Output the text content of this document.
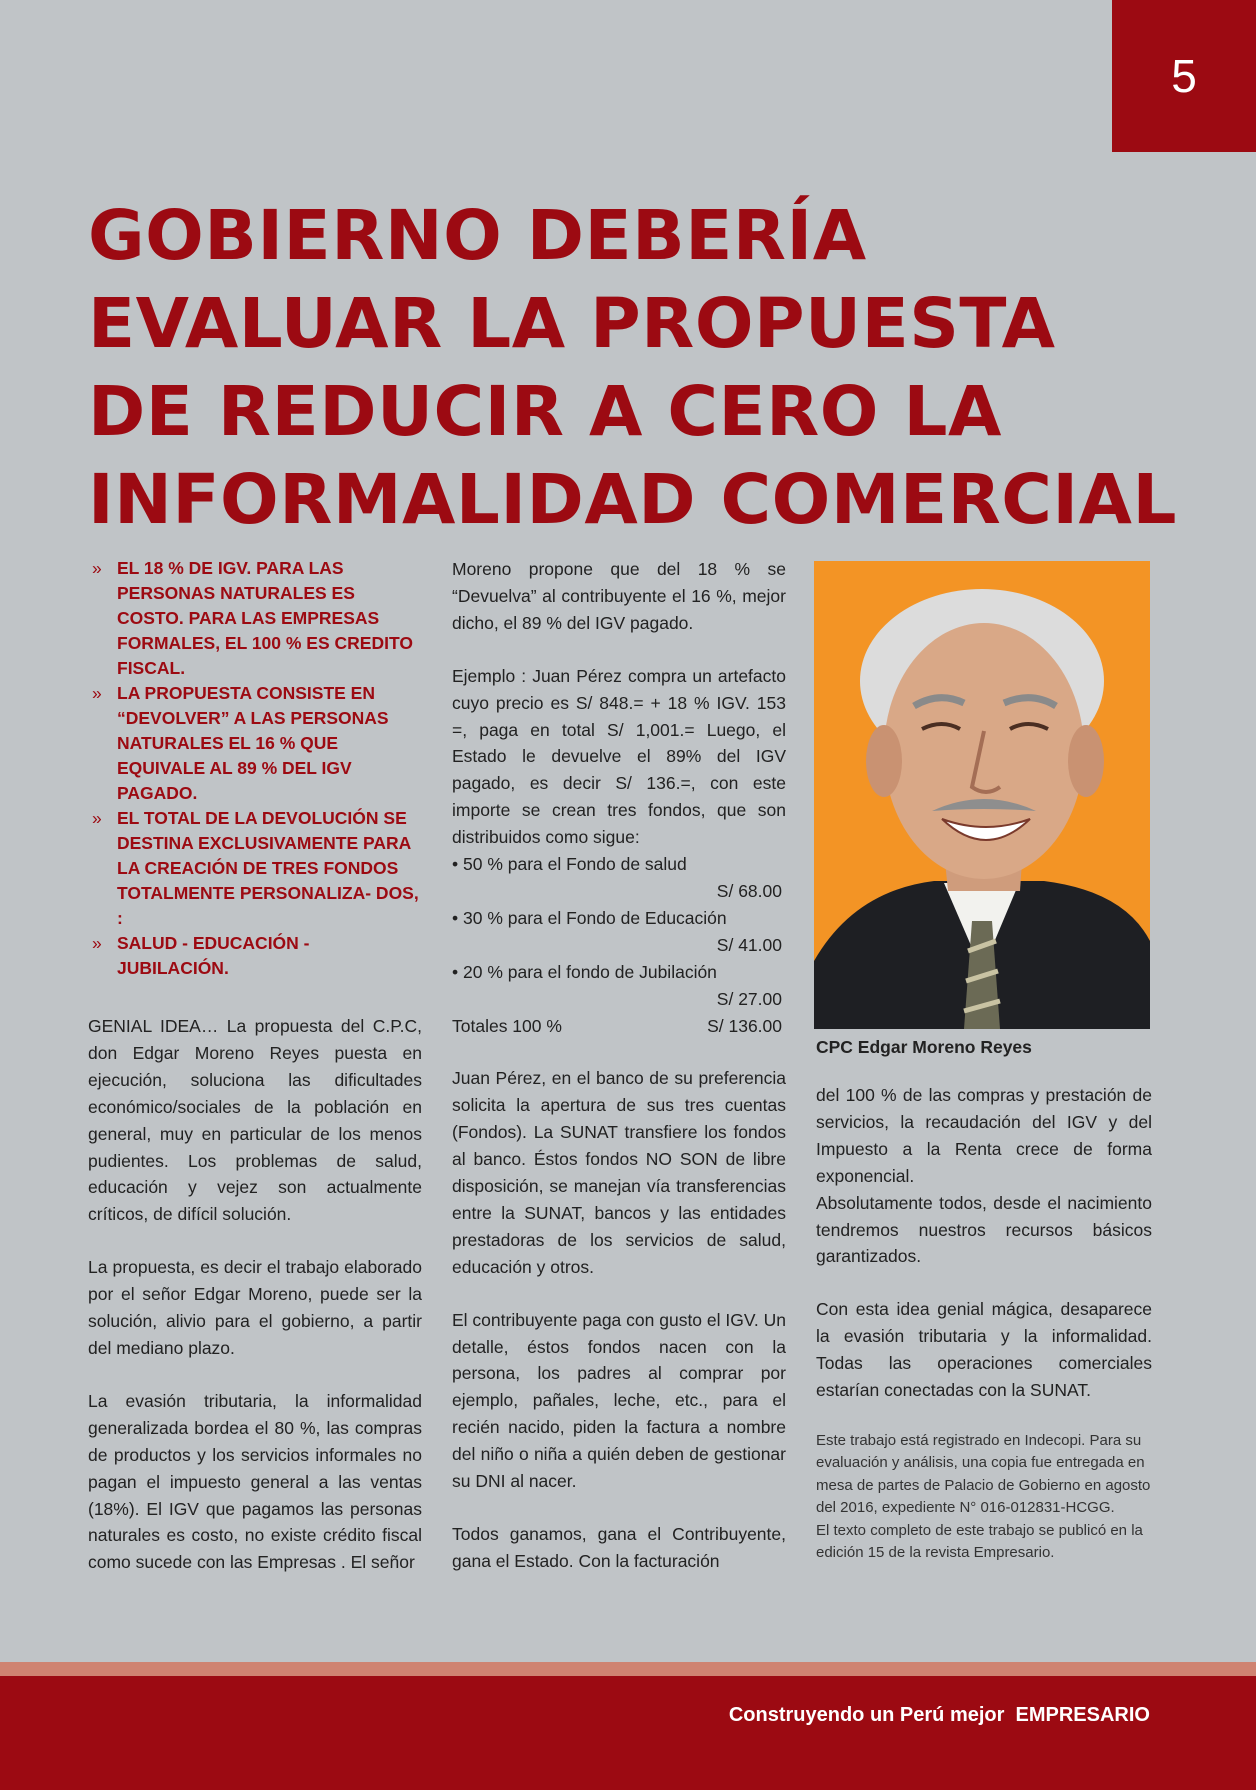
5
GOBIERNO DEBERÍA
EVALUAR LA PROPUESTA
DE REDUCIR A CERO LA
INFORMALIDAD COMERCIAL
» EL 18 % DE IGV. PARA LAS PERSONAS NATURALES ES COSTO. PARA LAS EMPRESAS FORMALES, EL 100 % ES CREDITO FISCAL.
» LA PROPUESTA CONSISTE EN “DEVOLVER” A LAS PERSONAS NATURALES EL 16 % QUE EQUIVALE AL 89 % DEL IGV PAGADO.
» EL TOTAL DE LA DEVOLUCIÓN SE DESTINA EXCLUSIVAMENTE PARA LA CREACIÓN DE TRES FONDOS TOTALMENTE PERSONALIZA- DOS, :
» SALUD - EDUCACIÓN - JUBILACIÓN.

GENIAL IDEA… La propuesta del C.P.C, don Edgar Moreno Reyes puesta en ejecución, soluciona las dificultades económico/sociales de la población en general, muy en particular de los menos pudientes. Los problemas de salud, educación y vejez son actualmente críticos, de difícil solución.

La propuesta, es decir el trabajo elaborado por el señor Edgar Moreno, puede ser la solución, alivio para el gobierno, a partir del mediano plazo.

La evasión tributaria, la informalidad generalizada bordea el 80 %, las compras de productos y los servicios informales no pagan el impuesto general a las ventas (18%). El IGV que pagamos las personas naturales es costo, no existe crédito fiscal como sucede con las Empresas . El señor

Moreno propone que del 18 % se “Devuelva” al contribuyente el 16 %, mejor dicho, el 89 % del IGV pagado.

Ejemplo : Juan Pérez compra un artefacto cuyo precio es S/ 848.= + 18 % IGV. 153 =, paga en total S/ 1,001.= Luego, el Estado le devuelve el 89% del IGV pagado, es decir S/ 136.=, con este importe se crean tres fondos, que son distribuidos como sigue:

• 50 % para el Fondo de salud
S/ 68.00
• 30 % para el Fondo de Educación
S/ 41.00
• 20 % para el fondo de Jubilación
S/ 27.00
Totales 100 %	S/ 136.00

Juan Pérez, en el banco de su preferencia solicita la apertura de sus tres cuentas (Fondos). La SUNAT transfiere los fondos al banco. Éstos fondos NO SON de libre disposición, se manejan vía transferencias entre la SUNAT, bancos y las entidades prestadoras de los servicios de salud, educación y otros.

El contribuyente paga con gusto el IGV. Un detalle, éstos fondos nacen con la persona, los padres al comprar por ejemplo, pañales, leche, etc., para el recién nacido, piden la factura a nombre del niño o niña a quién deben de gestionar su DNI al nacer.

Todos ganamos, gana el Contribuyente, gana el Estado. Con la facturación

CPC Edgar Moreno Reyes

del 100 % de las compras y prestación de servicios, la recaudación del IGV y del Impuesto a la Renta crece de forma exponencial.

Absolutamente todos, desde el nacimiento tendremos nuestros recursos básicos garantizados.

Con esta idea genial mágica, desaparece la evasión tributaria y la informalidad. Todas las operaciones comerciales estarían conectadas con la SUNAT.

Este trabajo está registrado en Indecopi. Para su evaluación y análisis, una copia fue entregada en mesa de partes de Palacio de Gobierno en agosto del 2016, expediente N° 016-012831-HCGG.
El texto completo de este trabajo se publicó en la edición 15 de la revista Empresario.
Construyendo un Perú mejor  EMPRESARIO
